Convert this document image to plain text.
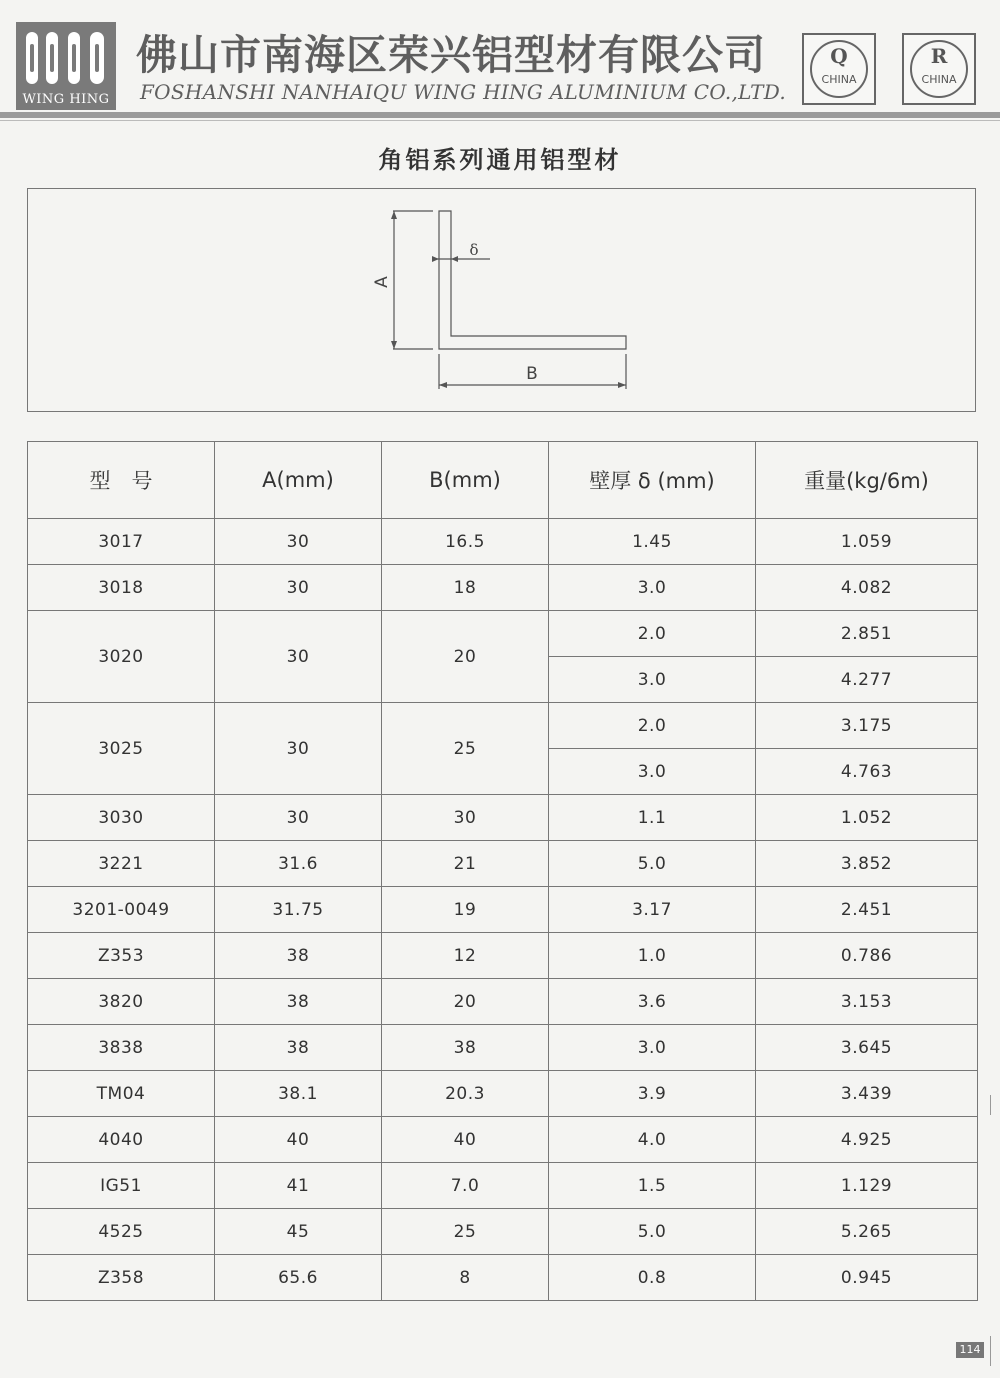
WING HING
佛山市南海区荣兴铝型材有限公司
FOSHANSHI NANHAIQU WING HING ALUMINIUM CO.,LTD.
Q
CHINA
R
CHINA
角铝系列通用铝型材
A
B
δ
型　号	A(mm)	B(mm)	壁厚 δ (mm)	重量(kg/6m)
3017	30	16.5	1.45	1.059
3018	30	18	3.0	4.082
3020	30	20	2.0	2.851
			3.0	4.277
3025	30	25	2.0	3.175
			3.0	4.763
3030	30	30	1.1	1.052
3221	31.6	21	5.0	3.852
3201-0049	31.75	19	3.17	2.451
Z353	38	12	1.0	0.786
3820	38	20	3.6	3.153
3838	38	38	3.0	3.645
TM04	38.1	20.3	3.9	3.439
4040	40	40	4.0	4.925
IG51	41	7.0	1.5	1.129
4525	45	25	5.0	5.265
Z358	65.6	8	0.8	0.945
114
